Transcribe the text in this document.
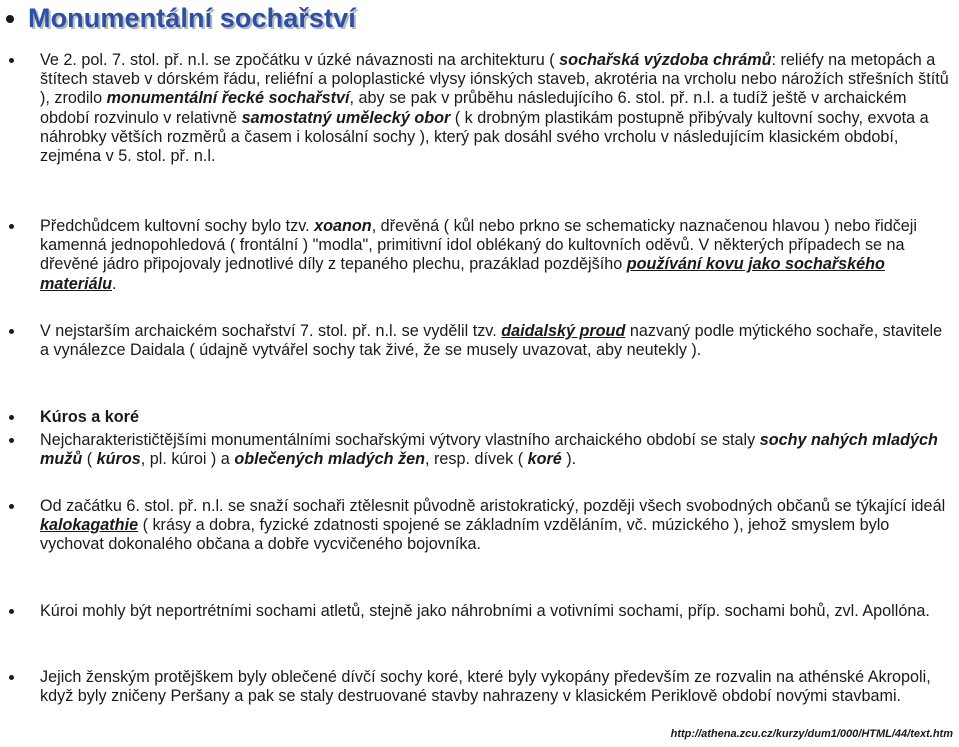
Monumentální sochařství
Ve 2. pol. 7. stol. př. n.l. se zpočátku v úzké návaznosti na architekturu ( sochařská výzdoba chrámů: reliéfy na metopách a štítech staveb v dórském řádu, reliéfní a poloplastické vlysy iónských staveb, akrotéria na vrcholu nebo nárožích střešních štítů ), zrodilo monumentální řecké sochařství, aby se pak v průběhu následujícího 6. stol. př. n.l. a tudíž ještě v archaickém období rozvinulo v relativně samostatný umělecký obor ( k drobným plastikám postupně přibývaly kultovní sochy, exvota a náhrobky větších rozměrů a časem i kolosální sochy ), který pak dosáhl svého vrcholu v následujícím klasickém období, zejména v 5. stol. př. n.l.
Předchůdcem kultovní sochy bylo tzv. xoanon, dřevěná ( kůl nebo prkno se schematicky naznačenou hlavou ) nebo řidčeji kamenná jednopohledová ( frontální ) "modla", primitivní idol oblékaný do kultovních oděvů. V některých případech se na dřevěné jádro připojovaly jednotlivé díly z tepaného plechu, prazáklad pozdějšího používání kovu jako sochařského materiálu.
V nejstarším archaickém sochařství 7. stol. př. n.l. se vydělil tzv. daidalský proud nazvaný podle mýtického sochaře, stavitele a vynálezce Daidala ( údajně vytvářel sochy tak živé, že se musely uvazovat, aby neutekly ).
Kúros a koré
Nejcharakterističtějšími monumentálními sochařskými výtvory vlastního archaického období se staly sochy nahých mladých mužů ( kúros, pl. kúroi ) a oblečených mladých žen, resp. dívek ( koré ).
Od začátku 6. stol. př. n.l. se snaží sochaři ztělesnit původně aristokratický, později všech svobodných občanů se týkající ideál kalokagathie ( krásy a dobra, fyzické zdatnosti spojené se základním vzděláním, vč. múzického ), jehož smyslem bylo vychovat dokonalého občana a dobře vycvičeného bojovníka.
Kúroi mohly být neportrétními sochami atletů, stejně jako náhrobními a votivními sochami, příp. sochami bohů, zvl. Apollóna.
Jejich ženským protějškem byly oblečené dívčí sochy koré, které byly vykopány především ze rozvalin na athénské Akropoli, když byly zničeny Peršany a pak se staly destruované stavby nahrazeny v klasickém Periklově období novými stavbami.
http://athena.zcu.cz/kurzy/dum1/000/HTML/44/text.htm
